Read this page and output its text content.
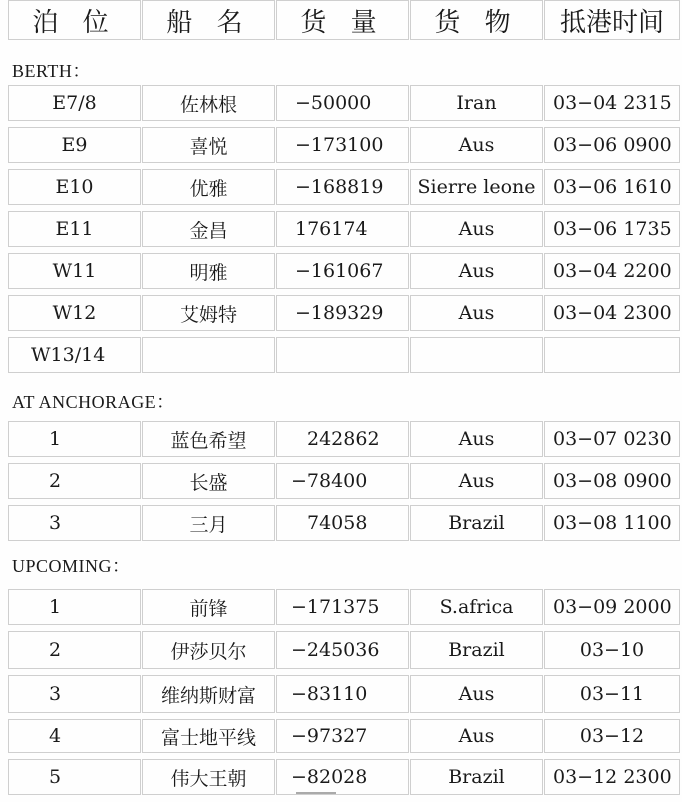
泊 位	船 名	货 量	货 物	抵港时间
BERTH：
E7/8	佐林根	−50000	Iran	03−04 2315
E9	喜悦	−173100	Aus	03−06 0900
E10	优雅	−168819	Sierre leone 03−06 1610
E11	金昌	176174	Aus	03−06 1735
W11	明雅	−161067	Aus	03−04 2200
W12	艾姆特	−189329	Aus	03−04 2300
W13/14
AT ANCHORAGE：
1	蓝色希望	242862	Aus	03−07 0230
2	长盛	−78400	Aus	03−08 0900
3	三月	74058	Brazil	03−08 1100
UPCOMING：
1	前锋	−171375	S.africa	03−09 2000
2	伊莎贝尔	−245036	Brazil	03−10
3	维纳斯财富	−83110	Aus	03−11
4	富士地平线	−97327	Aus	03−12
5	伟大王朝	−82028	Brazil	03−12 2300
